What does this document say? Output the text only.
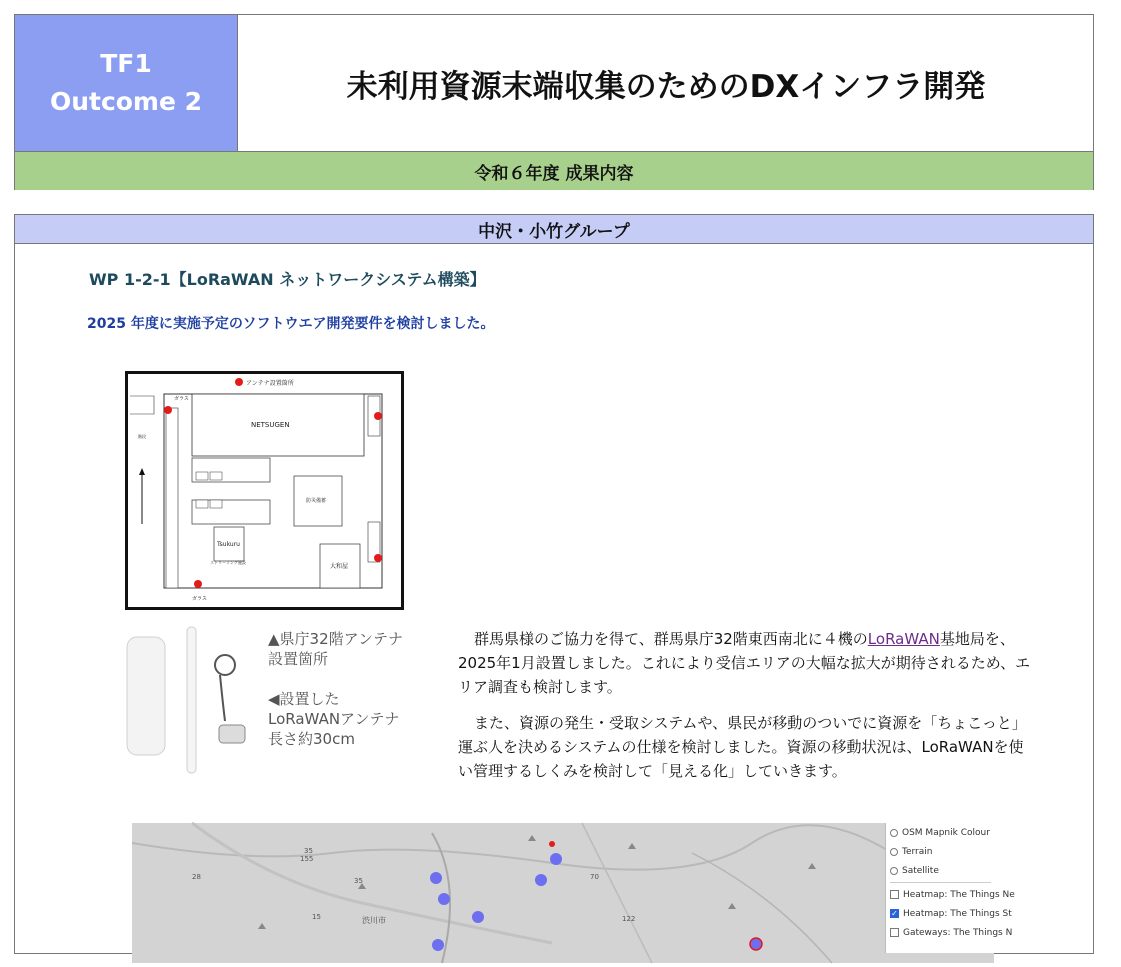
TF1
Outcome 2	未利用資源末端収集のためのDXインフラ開発
令和６年度 成果内容
中沢・小竹グループ
WP 1-2-1【LoRaWAN ネットワークシステム構築】
2025 年度に実施予定のソフトウエア開発要件を検討しました。
アンテナ設置箇所
NETSUGEN
Tsukuru
防災備蓄
大和屋
ガラス
ガラス
ストリーミング施設
階段
▲県庁32階アンテナ
設置箇所
◀設置した
LoRaWANアンテナ
長さ約30cm

群馬県様のご協力を得て、群馬県庁32階東西南北に４機のLoRaWAN基地局を、2025年1月設置しました。これにより受信エリアの大幅な拡大が期待されるため、エリア調査も検討します。

また、資源の発生・受取システムや、県民が移動のついでに資源を「ちょこっと」運ぶ人を決めるシステムの仕様を検討しました。資源の移動状況は、LoRaWANを使い管理するしくみを検討して「見える化」していきます。

35
155
28	35	70
15	122
渋川市
OSM Mapnik Colour
Terrain
Satellite
Heatmap: The Things Ne
✓ Heatmap: The Things St
Gateways: The Things N
